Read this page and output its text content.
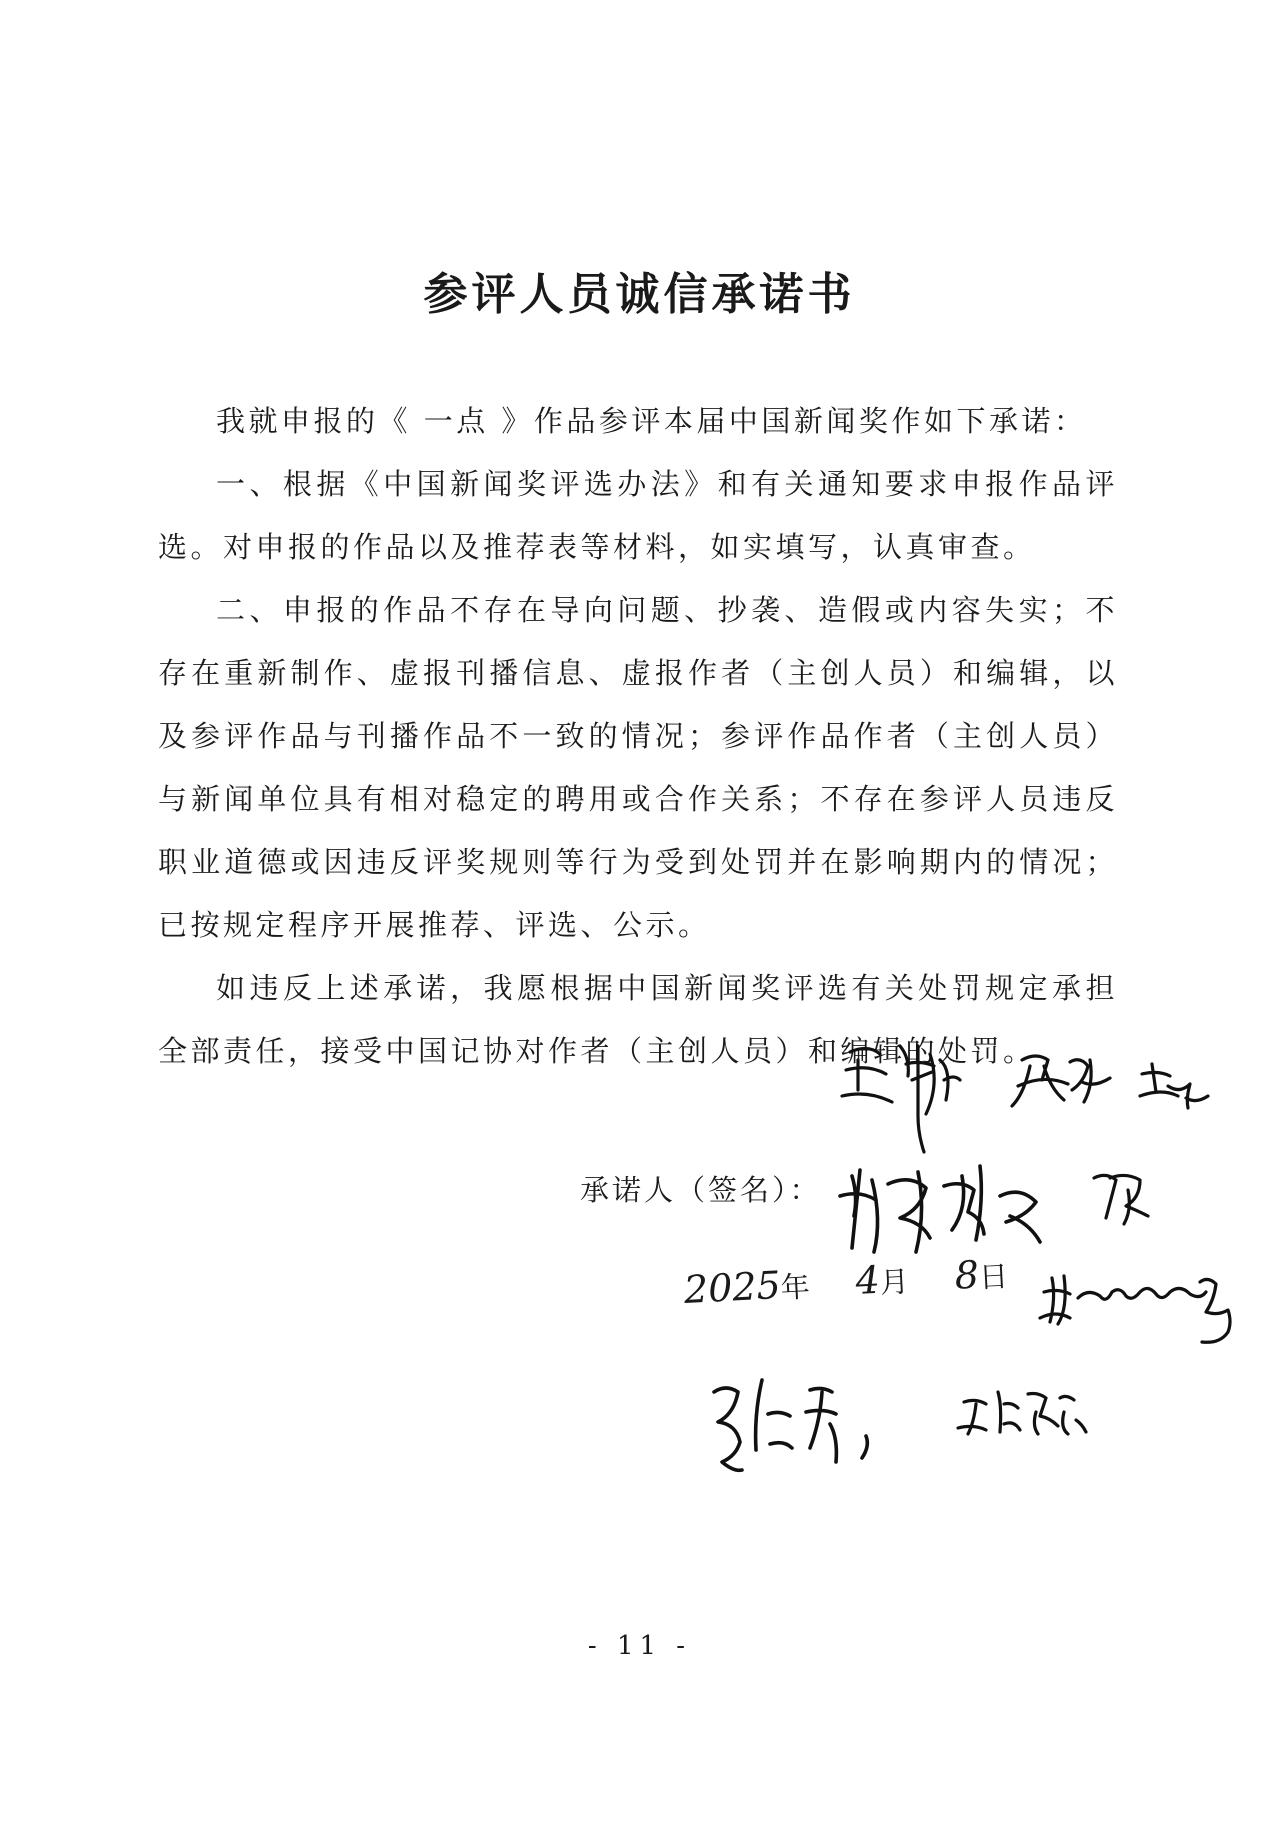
参评人员诚信承诺书

我就申报的《 一点 》作品参评本届中国新闻奖作如下承诺：

一、根据《中国新闻奖评选办法》和有关通知要求申报作品评选。对申报的作品以及推荐表等材料，如实填写，认真审查。

二、申报的作品不存在导向问题、抄袭、造假或内容失实；不存在重新制作、虚报刊播信息、虚报作者（主创人员）和编辑，以及参评作品与刊播作品不一致的情况；参评作品作者（主创人员）与新闻单位具有相对稳定的聘用或合作关系；不存在参评人员违反职业道德或因违反评奖规则等行为受到处罚并在影响期内的情况；已按规定程序开展推荐、评选、公示。

如违反上述承诺，我愿根据中国新闻奖评选有关处罚规定承担全部责任，接受中国记协对作者（主创人员）和编辑的处罚。

承诺人（签名）：
2025年 4月 8日
- 11 -
